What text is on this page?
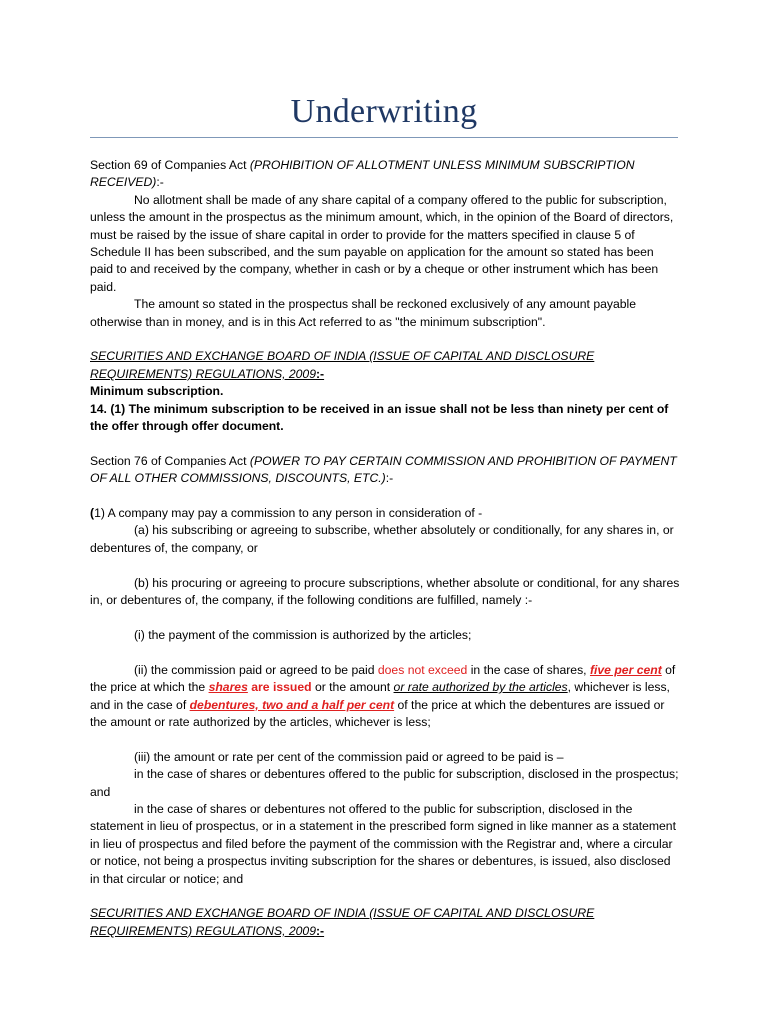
Underwriting

Section 69 of Companies Act (PROHIBITION OF ALLOTMENT UNLESS MINIMUM SUBSCRIPTION RECEIVED):-

No allotment shall be made of any share capital of a company offered to the public for subscription, unless the amount in the prospectus as the minimum amount, which, in the opinion of the Board of directors, must be raised by the issue of share capital in order to provide for the matters specified in clause 5 of Schedule II has been subscribed, and the sum payable on application for the amount so stated has been paid to and received by the company, whether in cash or by a cheque or other instrument which has been paid.

The amount so stated in the prospectus shall be reckoned exclusively of any amount payable otherwise than in money, and is in this Act referred to as "the minimum subscription".

SECURITIES AND EXCHANGE BOARD OF INDIA (ISSUE OF CAPITAL AND DISCLOSURE REQUIREMENTS) REGULATIONS, 2009:-

Minimum subscription.

14. (1) The minimum subscription to be received in an issue shall not be less than ninety per cent of the offer through offer document.

Section 76 of Companies Act (POWER TO PAY CERTAIN COMMISSION AND PROHIBITION OF PAYMENT OF ALL OTHER COMMISSIONS, DISCOUNTS, ETC.):-

(1) A company may pay a commission to any person in consideration of -

(a) his subscribing or agreeing to subscribe, whether absolutely or conditionally, for any shares in, or debentures of, the company, or

(b) his procuring or agreeing to procure subscriptions, whether absolute or conditional, for any shares in, or debentures of, the company, if the following conditions are fulfilled, namely :-

(i) the payment of the commission is authorized by the articles;

(ii) the commission paid or agreed to be paid does not exceed in the case of shares, five per cent of the price at which the shares are issued or the amount or rate authorized by the articles, whichever is less, and in the case of debentures, two and a half per cent of the price at which the debentures are issued or the amount or rate authorized by the articles, whichever is less;

(iii) the amount or rate per cent of the commission paid or agreed to be paid is –

in the case of shares or debentures offered to the public for subscription, disclosed in the prospectus; and

in the case of shares or debentures not offered to the public for subscription, disclosed in the statement in lieu of prospectus, or in a statement in the prescribed form signed in like manner as a statement in lieu of prospectus and filed before the payment of the commission with the Registrar and, where a circular or notice, not being a prospectus inviting subscription for the shares or debentures, is issued, also disclosed in that circular or notice; and

SECURITIES AND EXCHANGE BOARD OF INDIA (ISSUE OF CAPITAL AND DISCLOSURE REQUIREMENTS) REGULATIONS, 2009:-
